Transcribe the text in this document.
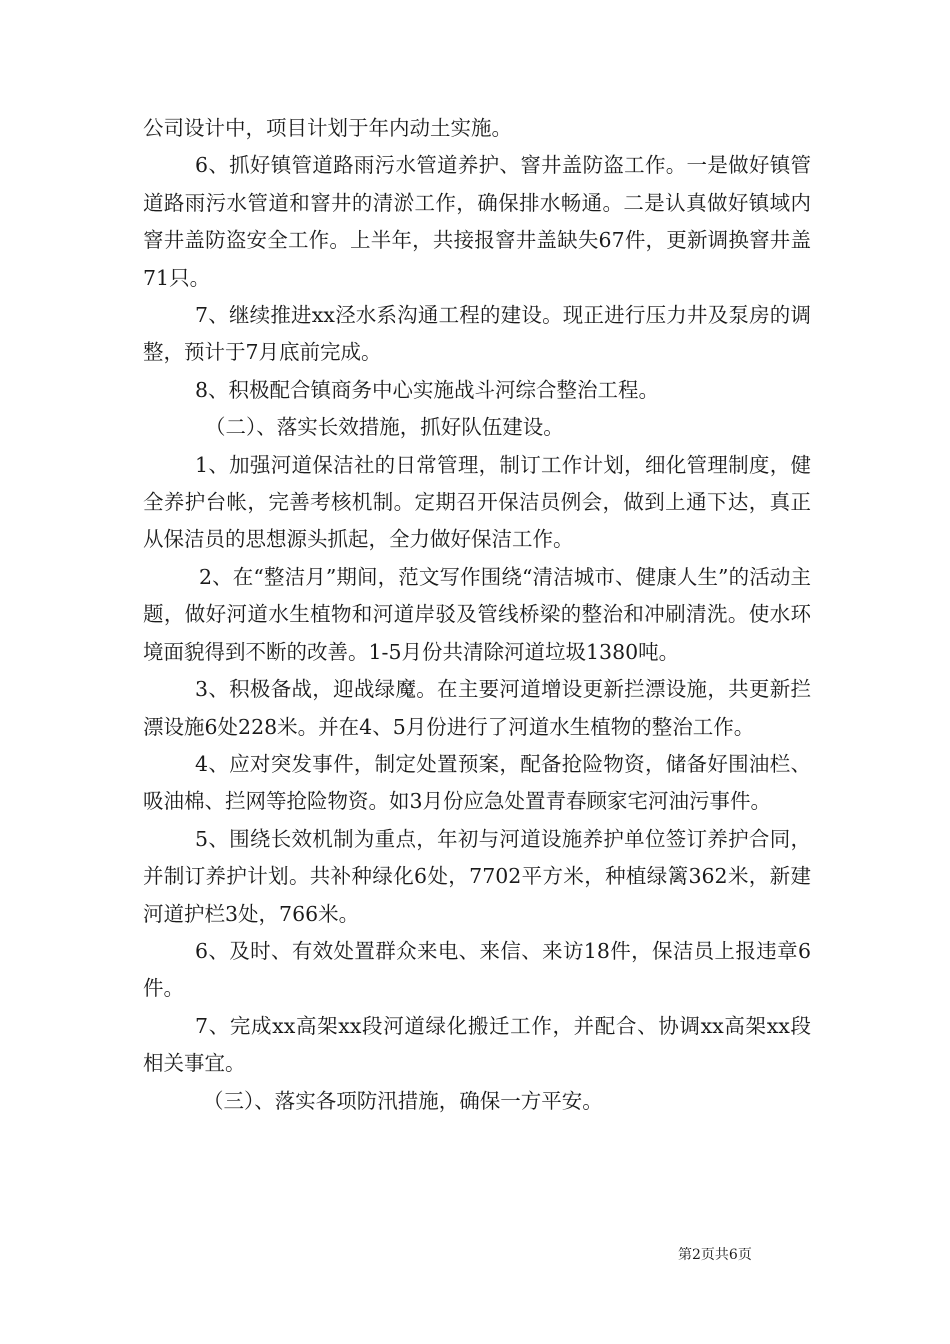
公司设计中，项目计划于年内动土实施。

6、抓好镇管道路雨污水管道养护、窨井盖防盗工作。一是做好镇管道路雨污水管道和窨井的清淤工作，确保排水畅通。二是认真做好镇域内窨井盖防盗安全工作。上半年，共接报窨井盖缺失67件，更新调换窨井盖71只。

7、继续推进xx泾水系沟通工程的建设。现正进行压力井及泵房的调整，预计于7月底前完成。

8、积极配合镇商务中心实施战斗河综合整治工程。

（二）、落实长效措施，抓好队伍建设。

1、加强河道保洁社的日常管理，制订工作计划，细化管理制度，健全养护台帐，完善考核机制。定期召开保洁员例会，做到上通下达，真正从保洁员的思想源头抓起，全力做好保洁工作。

2、在“整洁月”期间，范文写作围绕“清洁城市、健康人生”的活动主题，做好河道水生植物和河道岸驳及管线桥梁的整治和冲刷清洗。使水环境面貌得到不断的改善。1-5月份共清除河道垃圾1380吨。

3、积极备战，迎战绿魔。在主要河道增设更新拦漂设施，共更新拦漂设施6处228米。并在4、5月份进行了河道水生植物的整治工作。

4、应对突发事件，制定处置预案，配备抢险物资，储备好围油栏、吸油棉、拦网等抢险物资。如3月份应急处置青春顾家宅河油污事件。

5、围绕长效机制为重点，年初与河道设施养护单位签订养护合同，并制订养护计划。共补种绿化6处，7702平方米，种植绿篱362米，新建河道护栏3处，766米。

6、及时、有效处置群众来电、来信、来访18件，保洁员上报违章6件。

7、完成xx高架xx段河道绿化搬迁工作，并配合、协调xx高架xx段相关事宜。

（三）、落实各项防汛措施，确保一方平安。

第2页共6页
